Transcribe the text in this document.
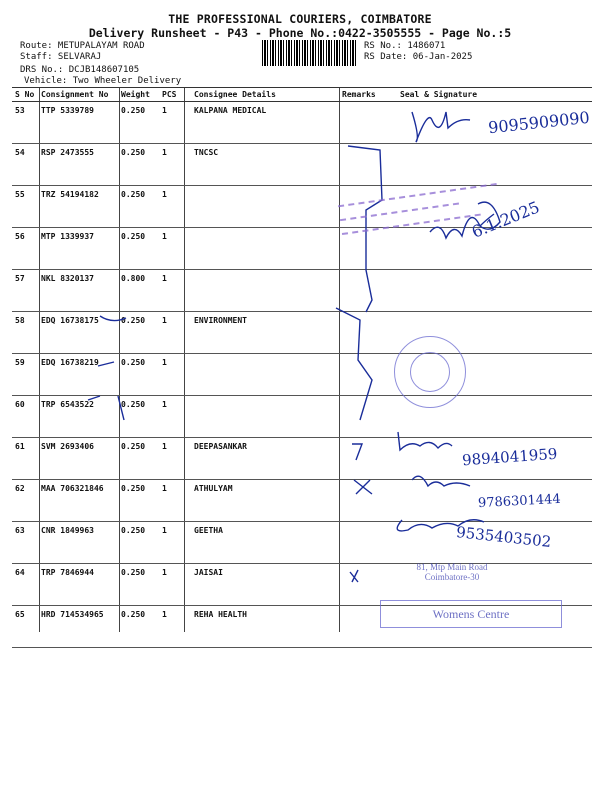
THE PROFESSIONAL COURIERS, COIMBATORE
Delivery Runsheet - P43 - Phone No.:0422-3505555 - Page No.:5
Route: METUPALAYAM ROAD
Staff: SELVARAJ
DRS No.: DCJB148607105
Vehicle: Two Wheeler Delivery
RS No.: 1486071
RS Date: 06-Jan-2025
S No Consignment No Weight PCS Consignee Details	Remarks	Seal & Signature
53 TTP 5339789	0.250 1	KALPANA MEDICAL
54 RSP 2473555	0.250 1	TNCSC
55 TRZ 54194182	0.250 1
56 MTP 1339937	0.250 1
57 NKL 8320137	0.800 1
58 EDQ 16738175	0.250 1	ENVIRONMENT
59 EDQ 16738219	0.250 1
60 TRP 6543522	0.250 1
61 SVM 2693406	0.250 1	DEEPASANKAR
62 MAA 706321846 0.250 1	ATHULYAM
63 CNR 1849963	0.250 1	GEETHA
64 TRP 7846944	0.250 1	JAISAI
65 HRD 714534965 0.250 1	REHA HEALTH
9095909090
6.1.2025
9894041959
9786301444
9535403502
81, Mtp Main Road
Coimbatore-30
Womens Centre
